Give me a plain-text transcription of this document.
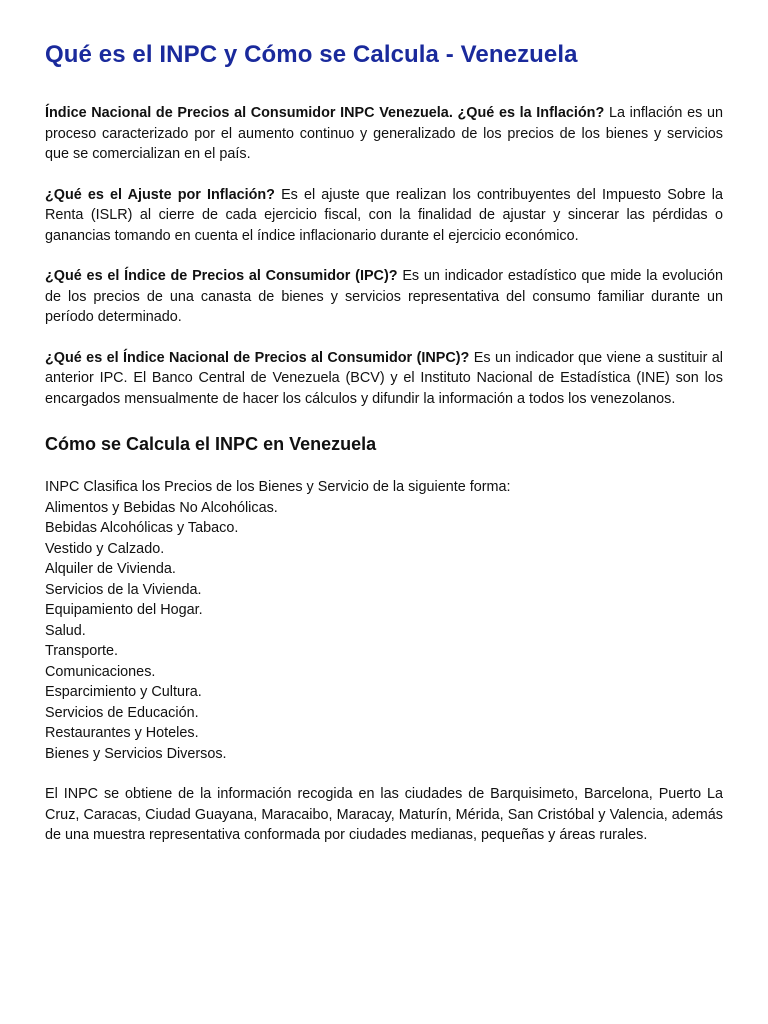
Qué es el INPC y Cómo se Calcula - Venezuela

Índice Nacional de Precios al Consumidor INPC Venezuela. ¿Qué es la Inflación? La inflación es un proceso caracterizado por el aumento continuo y generalizado de los precios de los bienes y servicios que se comercializan en el país.

¿Qué es el Ajuste por Inflación? Es el ajuste que realizan los contribuyentes del Impuesto Sobre la Renta (ISLR) al cierre de cada ejercicio fiscal, con la finalidad de ajustar y sincerar las pérdidas o ganancias tomando en cuenta el índice inflacionario durante el ejercicio económico.

¿Qué es el Índice de Precios al Consumidor (IPC)? Es un indicador estadístico que mide la evolución de los precios de una canasta de bienes y servicios representativa del consumo familiar durante un período determinado.

¿Qué es el Índice Nacional de Precios al Consumidor (INPC)? Es un indicador que viene a sustituir al anterior IPC. El Banco Central de Venezuela (BCV) y el Instituto Nacional de Estadística (INE) son los encargados mensualmente de hacer los cálculos y difundir la información a todos los venezolanos.

Cómo se Calcula el INPC en Venezuela

INPC Clasifica los Precios de los Bienes y Servicio de la siguiente forma:

Alimentos y Bebidas No Alcohólicas.
Bebidas Alcohólicas y Tabaco.
Vestido y Calzado.
Alquiler de Vivienda.
Servicios de la Vivienda.
Equipamiento del Hogar.
Salud.
Transporte.
Comunicaciones.
Esparcimiento y Cultura.
Servicios de Educación.
Restaurantes y Hoteles.
Bienes y Servicios Diversos.

El INPC se obtiene de la información recogida en las ciudades de Barquisimeto, Barcelona, Puerto La Cruz, Caracas, Ciudad Guayana, Maracaibo, Maracay, Maturín, Mérida, San Cristóbal y Valencia, además de una muestra representativa conformada por ciudades medianas, pequeñas y áreas rurales.
